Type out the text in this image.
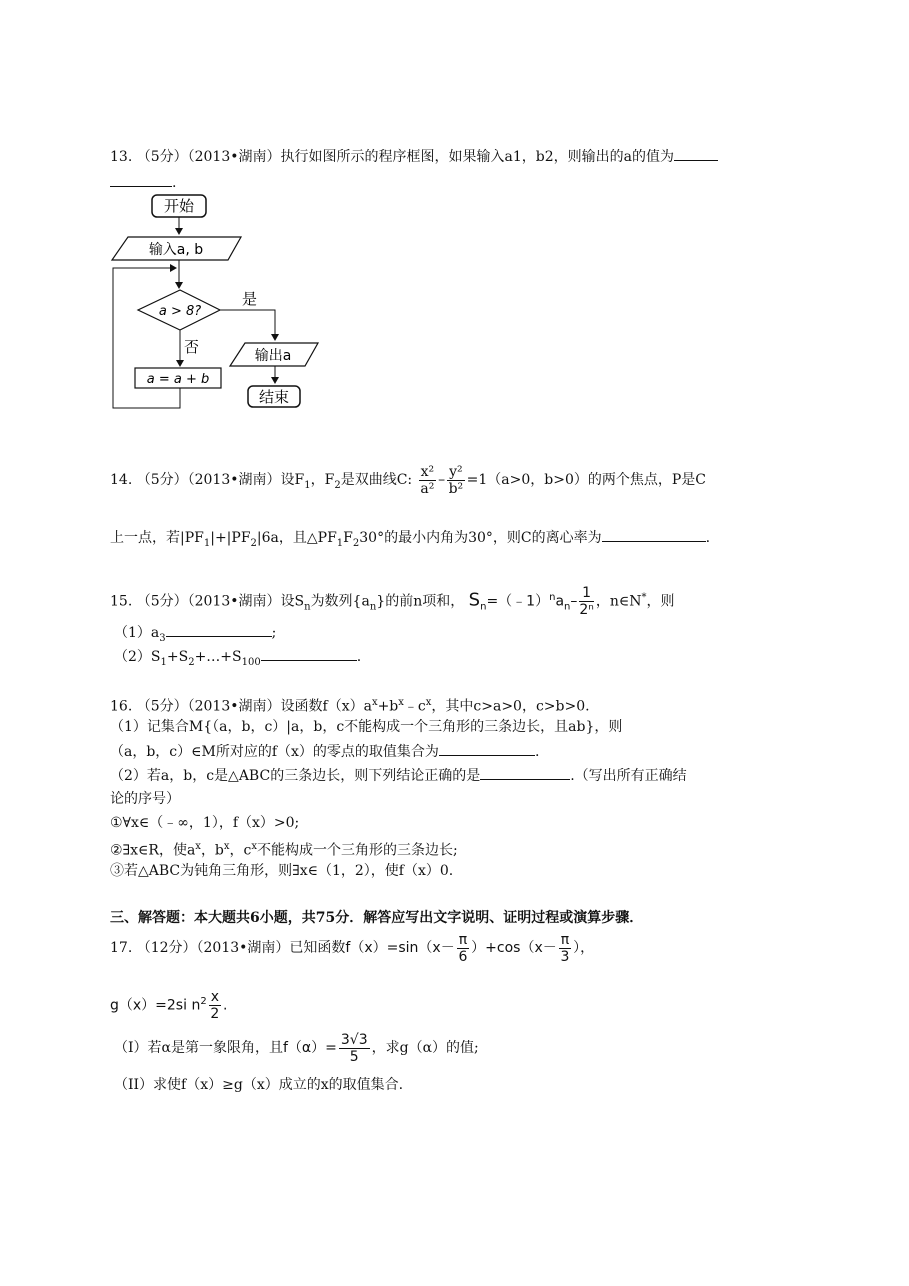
13. （5分）（2013•湖南）执行如图所示的程序框图，如果输入a1，b2，则输出的a的值为
.
开始
输入a, b
a > 8?
是
否
a = a + b
输出a
结束
14. （5分）（2013•湖南）设$F_1$，$F_2$是双曲线C: $\frac{\text{x²}}{\text{a²}} - \frac{\text{y²}}{\text{b²}} =1(a>0$，b>0）的两个焦点，P是C
上一点，若$|PF_1|+|PF_2|6a$，且$\triangle PF_1F_230^\circ$的最小内角为30°，则C的离心率为	.
15. （5分）（2013•湖南）设$S_n$为数列$\{a_n\}$的前n项和， $S_n=(﹣1)^na_n- \frac{1}{\text{2ⁿ}}$ ，n∈N*，则
$(1)a_3$	;
$(2)S_1+S_2+\dots+S_{100}$	.
16. （5分）（2013•湖南）设函数$f(x)a^x+b^x﹣c^x$，其中c>a>0，c>b>0.
（1）记集合M{（a，b，c）|a，b，c不能构成一个三角形的三条边长，且ab}，则
（a，b，c）∈M所对应的f（x）的零点的取值集合为	.
（2）若a，b，c是△ABC的三条边长，则下列结论正确的是	.（写出所有正确结
论的序号）
①∀x∈（﹣∞，1），f（x）>0;
②∃x∈R，使$a^x$，$b^x$，$c^x$不能构成一个三角形的三条边长;
③若△ABC为钝角三角形，则∃x∈（1，2），使f（x）0.
三、解答题：本大题共6小题，共75分．解答应写出文字说明、证明过程或演算步骤．
17. （12分）（2013•湖南）已知函数$f(x)=\sin(x- \frac{\pi}{6} )+\cos(x- \frac{\pi}{3}$ ），
g（x）=2si $n^2 \frac{x}{2}$ .
（I）若α是第一象限角，且$f(\alpha)= \frac{3√3}{5}$ ，求g（α）的值;
（II）求使f（x）≥g（x）成立的x的取值集合.
